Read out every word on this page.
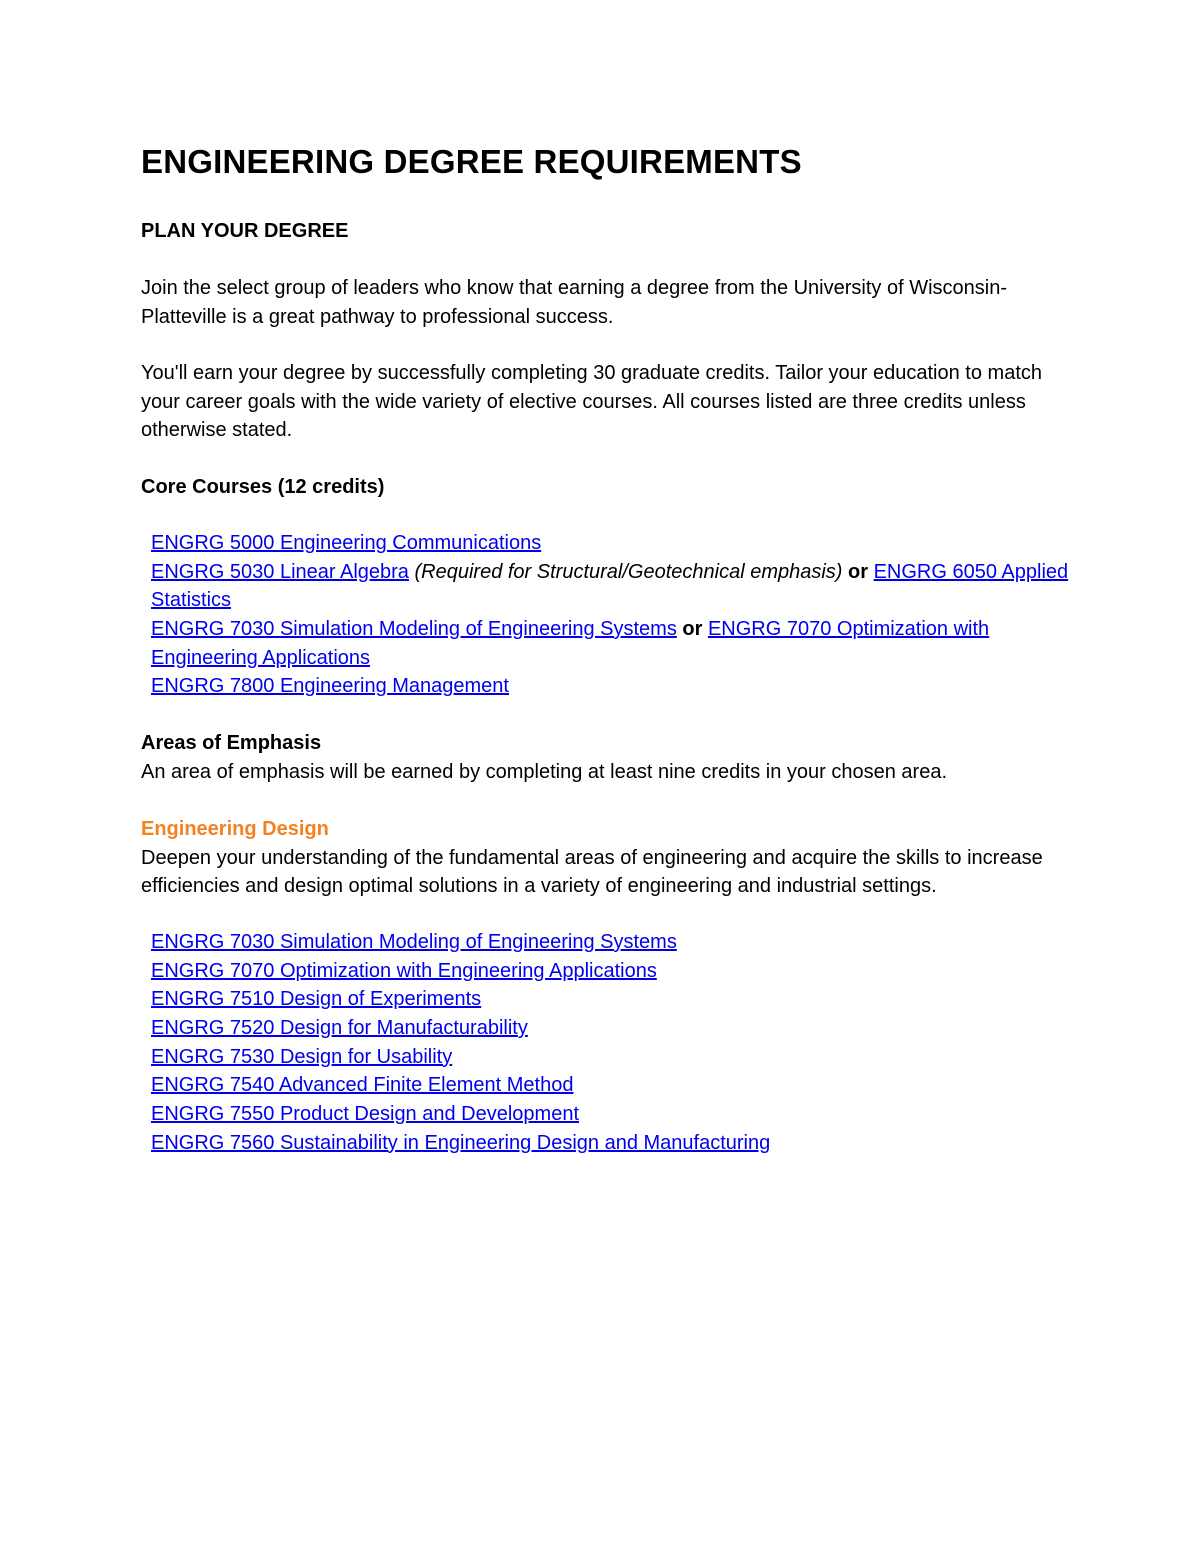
ENGINEERING DEGREE REQUIREMENTS
PLAN YOUR DEGREE

Join the select group of leaders who know that earning a degree from the University of Wisconsin-Platteville is a great pathway to professional success.

You'll earn your degree by successfully completing 30 graduate credits. Tailor your education to match your career goals with the wide variety of elective courses. All courses listed are three credits unless otherwise stated.

Core Courses (12 credits)
ENGRG 5000 Engineering Communications
ENGRG 5030 Linear Algebra (Required for Structural/Geotechnical emphasis) or ENGRG 6050 Applied Statistics
ENGRG 7030 Simulation Modeling of Engineering Systems or ENGRG 7070 Optimization with Engineering Applications
ENGRG 7800 Engineering Management
Areas of Emphasis

An area of emphasis will be earned by completing at least nine credits in your chosen area.

Engineering Design

Deepen your understanding of the fundamental areas of engineering and acquire the skills to increase efficiencies and design optimal solutions in a variety of engineering and industrial settings.

ENGRG 7030 Simulation Modeling of Engineering Systems
ENGRG 7070 Optimization with Engineering Applications
ENGRG 7510 Design of Experiments
ENGRG 7520 Design for Manufacturability
ENGRG 7530 Design for Usability
ENGRG 7540 Advanced Finite Element Method
ENGRG 7550 Product Design and Development
ENGRG 7560 Sustainability in Engineering Design and Manufacturing
